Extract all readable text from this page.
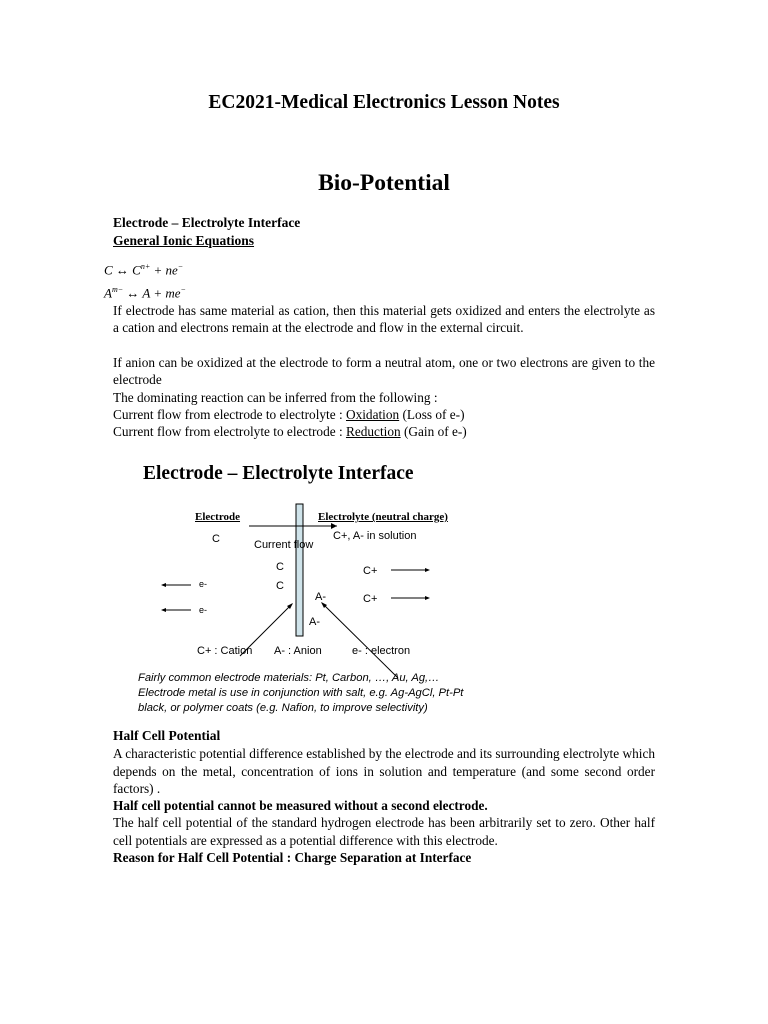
EC2021-Medical Electronics Lesson Notes
Bio-Potential
Electrode – Electrolyte Interface
General Ionic Equations
C ↔ $C^{n+} + ne^-$
$A^{m-}$ ↔ A + me−
If electrode has same material as cation, then this material gets oxidized and enters the electrolyte as a cation and electrons remain at the electrode and flow in the external circuit.
If anion can be oxidized at the electrode to form a neutral atom, one or two electrons are given to the electrode
The dominating reaction can be inferred from the following :
Current flow from electrode to electrolyte : Oxidation (Loss of e-)
Current flow from electrolyte to electrode : Reduction (Gain of e-)
Electrode – Electrolyte Interface
Electrode	Electrolyte (neutral charge)
C	Current flow
C+, A- in solution
C
C
C+
C+
e-
e-
A-
A-
C+ : Cation A- : Anion	e- : electron
Fairly common electrode materials: Pt, Carbon, …, Au, Ag,…
Electrode metal is use in conjunction with salt, e.g. Ag-AgCl, Pt-Pt
black, or polymer coats (e.g. Nafion, to improve selectivity)
Half Cell Potential
A characteristic potential difference established by the electrode and its surrounding electrolyte which depends on the metal, concentration of ions in solution and temperature (and some second order factors) .
Half cell potential cannot be measured without a second electrode.
The half cell potential of the standard hydrogen electrode has been arbitrarily set to zero. Other half cell potentials are expressed as a potential difference with this electrode.
Reason for Half Cell Potential : Charge Separation at Interface
